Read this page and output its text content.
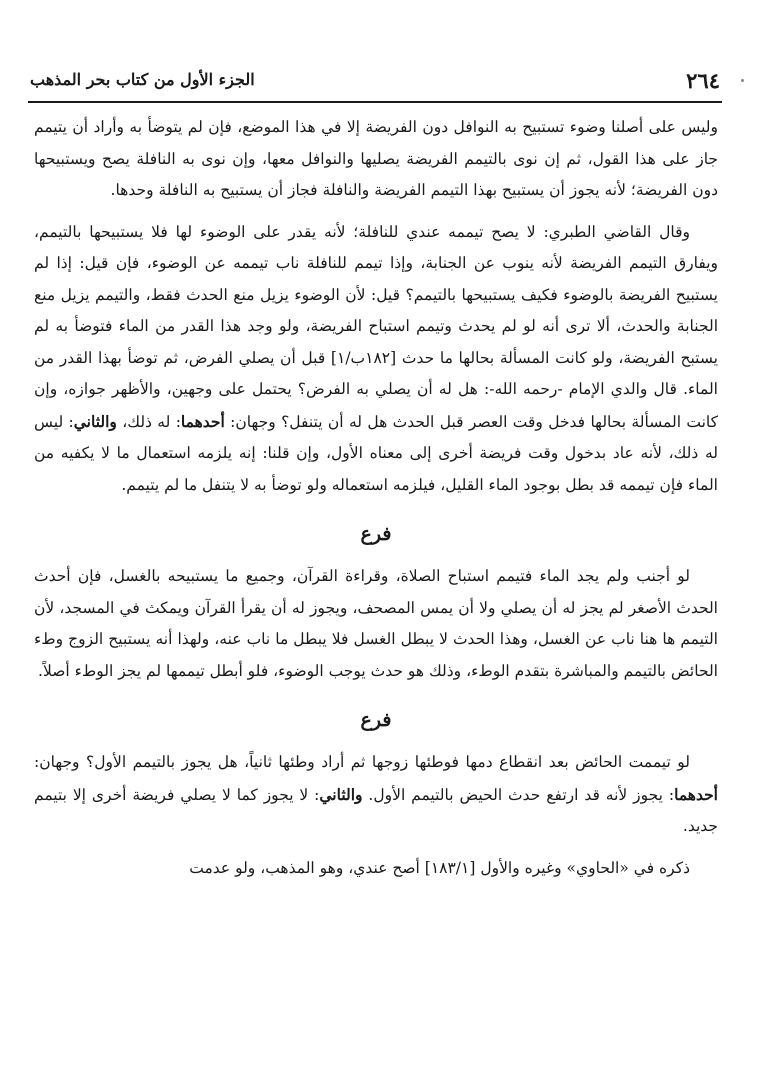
٢٦٤
الجزء الأول من كتاب بحر المذهب

وليس على أصلنا وضوء تستبيح به النوافل دون الفريضة إلا في هذا الموضع، فإن لم يتوضأ به وأراد أن يتيمم جاز على هذا القول، ثم إن نوى بالتيمم الفريضة يصليها والنوافل معها، وإن نوى به النافلة يصح ويستبيحها دون الفريضة؛ لأنه يجوز أن يستبيح بهذا التيمم الفريضة والنافلة فجاز أن يستبيح به النافلة وحدها.

وقال القاضي الطبري: لا يصح تيممه عندي للنافلة؛ لأنه يقدر على الوضوء لها فلا يستبيحها بالتيمم، ويفارق التيمم الفريضة لأنه ينوب عن الجنابة، وإذا تيمم للنافلة ناب تيممه عن الوضوء، فإن قيل: إذا لم يستبيح الفريضة بالوضوء فكيف يستبيحها بالتيمم؟ قيل: لأن الوضوء يزيل منع الحدث فقط، والتيمم يزيل منع الجنابة والحدث، ألا ترى أنه لو لم يحدث وتيمم استباح الفريضة، ولو وجد هذا القدر من الماء فتوضأ به لم يستبح الفريضة، ولو كانت المسألة بحالها ما حدث [١٨٢ب/١] قبل أن يصلي الفرض، ثم توضأ بهذا القدر من الماء. قال والدي الإمام -رحمه الله-: هل له أن يصلي به الفرض؟ يحتمل على وجهين، والأظهر جوازه، وإن كانت المسألة بحالها فدخل وقت العصر قبل الحدث هل له أن يتنفل؟ وجهان: أحدهما: له ذلك، والثاني: ليس له ذلك، لأنه عاد بدخول وقت فريضة أخرى إلى معناه الأول، وإن قلنا: إنه يلزمه استعمال ما لا يكفيه من الماء فإن تيممه قد بطل بوجود الماء القليل، فيلزمه استعماله ولو توضأ به لا يتنفل ما لم يتيمم.

فرع

لو أجنب ولم يجد الماء فتيمم استباح الصلاة، وقراءة القرآن، وجميع ما يستبيحه بالغسل، فإن أحدث الحدث الأصغر لم يجز له أن يصلي ولا أن يمس المصحف، ويجوز له أن يقرأ القرآن ويمكث في المسجد، لأن التيمم ها هنا ناب عن الغسل، وهذا الحدث لا يبطل الغسل فلا يبطل ما ناب عنه، ولهذا أنه يستبيح الزوج وطء الحائض بالتيمم والمباشرة بتقدم الوطء، وذلك هو حدث يوجب الوضوء، فلو أبطل تيممها لم يجز الوطء أصلاً.

فرع

لو تيممت الحائض بعد انقطاع دمها فوطئها زوجها ثم أراد وطئها ثانياً، هل يجوز بالتيمم الأول؟ وجهان: أحدهما: يجوز لأنه قد ارتفع حدث الحيض بالتيمم الأول. والثاني: لا يجوز كما لا يصلي فريضة أخرى إلا بتيمم جديد.

ذكره في «الحاوي» وغيره والأول [١٨٣/١] أصح عندي، وهو المذهب، ولو عدمت
